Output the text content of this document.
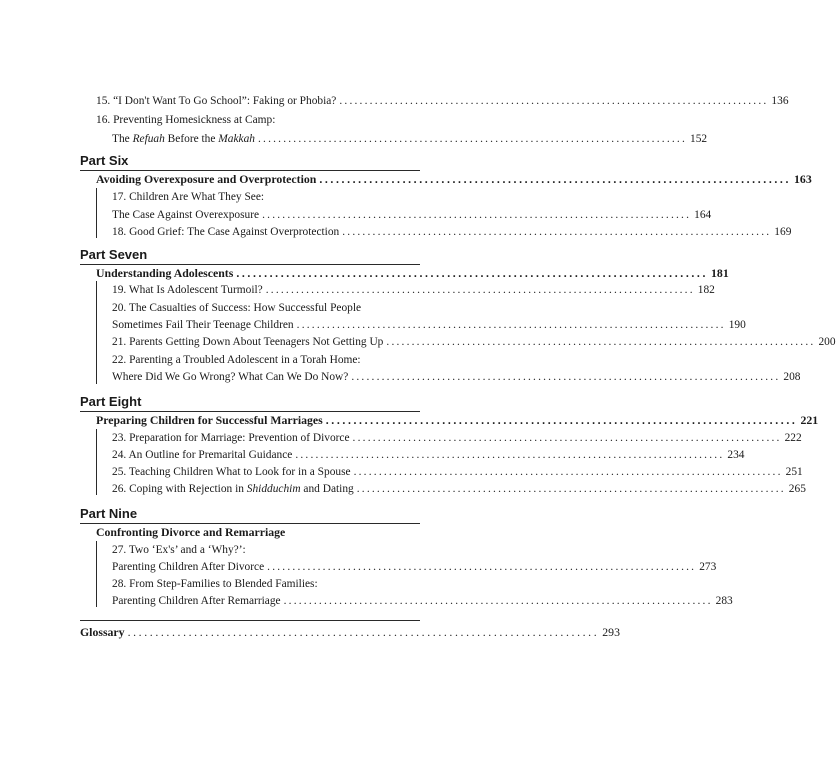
15. “I Don't Want To Go School”: Faking or Phobia? ..................................................................................... 136
16. Preventing Homesickness at Camp:
The Refuah Before the Makkah ..................................................................................... 152
Part Six
Avoiding Overexposure and Overprotection ..................................................................................... 163
17. Children Are What They See:
The Case Against Overexposure ..................................................................................... 164
18. Good Grief: The Case Against Overprotection ..................................................................................... 169
Part Seven
Understanding Adolescents ..................................................................................... 181
19. What Is Adolescent Turmoil? ..................................................................................... 182
20. The Casualties of Success: How Successful People
Sometimes Fail Their Teenage Children ..................................................................................... 190
21. Parents Getting Down About Teenagers Not Getting Up ..................................................................................... 200
22. Parenting a Troubled Adolescent in a Torah Home:
Where Did We Go Wrong? What Can We Do Now? ..................................................................................... 208
Part Eight
Preparing Children for Successful Marriages ..................................................................................... 221
23. Preparation for Marriage: Prevention of Divorce ..................................................................................... 222
24. An Outline for Premarital Guidance ..................................................................................... 234
25. Teaching Children What to Look for in a Spouse ..................................................................................... 251
26. Coping with Rejection in Shidduchim and Dating ..................................................................................... 265
Part Nine
Confronting Divorce and Remarriage
27. Two ‘Ex's’ and a ‘Why?’:
Parenting Children After Divorce ..................................................................................... 273
28. From Step-Families to Blended Families:
Parenting Children After Remarriage ..................................................................................... 283
Glossary ..................................................................................... 293
